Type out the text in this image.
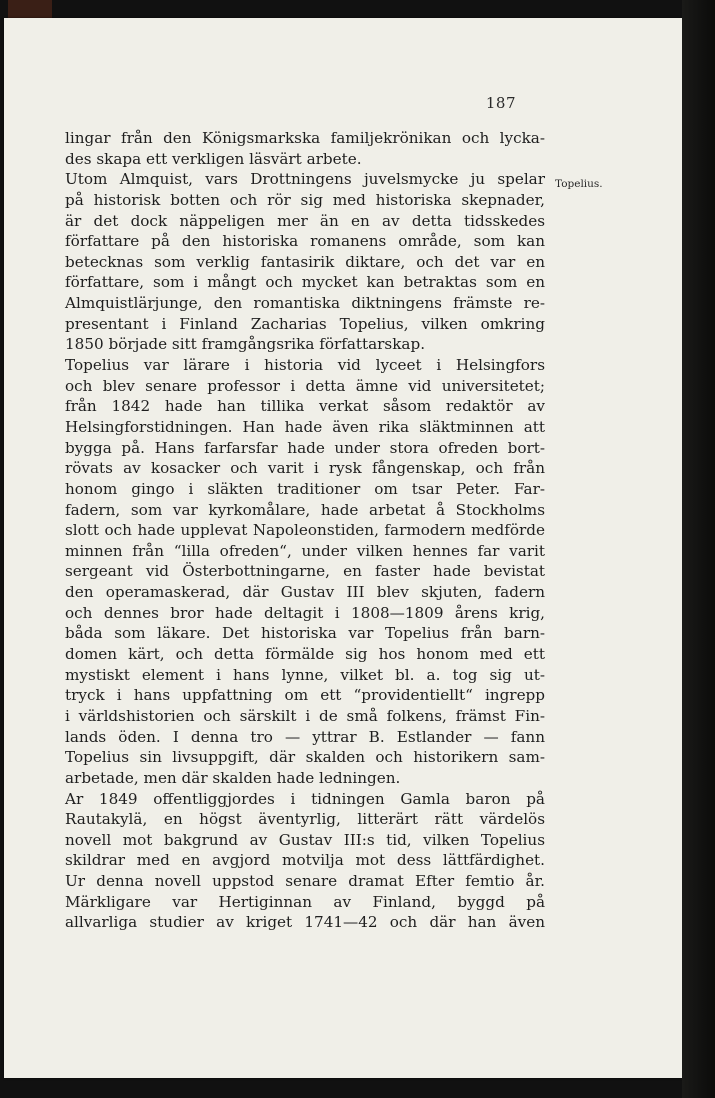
187
Topelius.
lingar från den Königsmarkska familjekrönikan och lycka-
des skapa ett verkligen läsvärt arbete.
Utom Almquist, vars Drottningens juvelsmycke ju spelar
på historisk botten och rör sig med historiska skepnader,
är det dock näppeligen mer än en av detta tidsskedes
författare på den historiska romanens område, som kan
betecknas som verklig fantasirik diktare, och det var en
författare, som i mångt och mycket kan betraktas som en
Almquistlärjunge, den romantiska diktningens främste re-
presentant i Finland Zacharias Topelius, vilken omkring
1850 började sitt framgångsrika författarskap.
Topelius var lärare i historia vid lyceet i Helsingfors
och blev senare professor i detta ämne vid universitetet;
från 1842 hade han tillika verkat såsom redaktör av
Helsingforstidningen. Han hade även rika släktminnen att
bygga på. Hans farfarsfar hade under stora ofreden bort-
rövats av kosacker och varit i rysk fångenskap, och från
honom gingo i släkten traditioner om tsar Peter. Far-
fadern, som var kyrkomålare, hade arbetat å Stockholms
slott och hade upplevat Napoleonstiden, farmodern medförde
minnen från “lilla ofreden“, under vilken hennes far varit
sergeant vid Österbottningarne, en faster hade bevistat
den operamaskerad, där Gustav III blev skjuten, fadern
och dennes bror hade deltagit i 1808—1809 årens krig,
båda som läkare. Det historiska var Topelius från barn-
domen kärt, och detta förmälde sig hos honom med ett
mystiskt element i hans lynne, vilket bl. a. tog sig ut-
tryck i hans uppfattning om ett “providentiellt“ ingrepp
i världshistorien och särskilt i de små folkens, främst Fin-
lands öden. I denna tro — yttrar B. Estlander — fann
Topelius sin livsuppgift, där skalden och historikern sam-
arbetade, men där skalden hade ledningen.
Ar 1849 offentliggjordes i tidningen Gamla baron på
Rautakylä, en högst äventyrlig, litterärt rätt värdelös
novell mot bakgrund av Gustav III:s tid, vilken Topelius
skildrar med en avgjord motvilja mot dess lättfärdighet.
Ur denna novell uppstod senare dramat Efter femtio år.
Märkligare var Hertiginnan av Finland, byggd på
allvarliga studier av kriget 1741—42 och där han även
